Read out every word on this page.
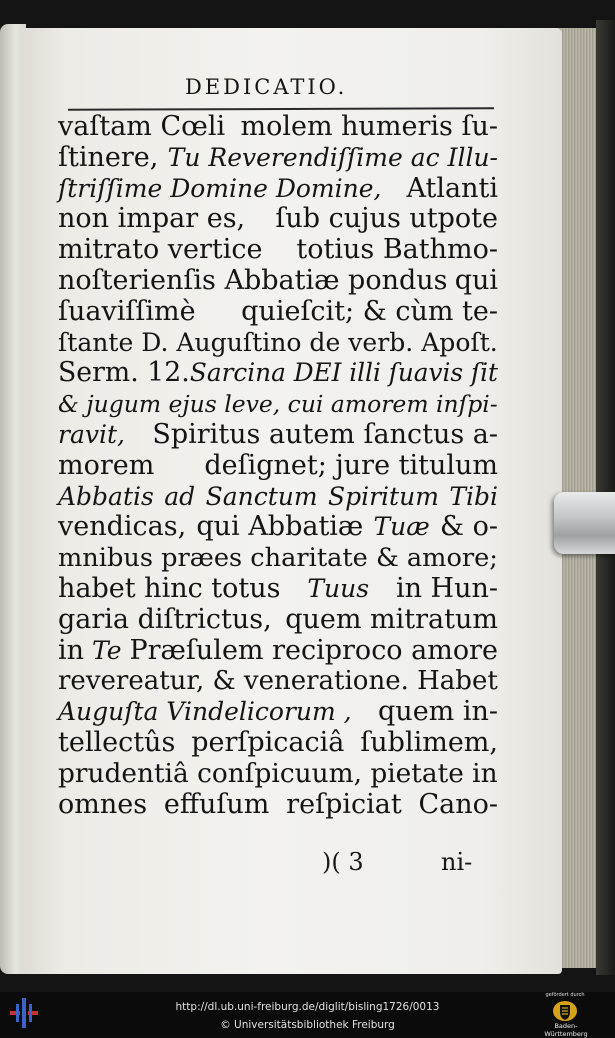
DEDICATIO.
vaſtam Cœli molem humeris ſu-
ſtinere, Tu Reverendiſſime ac Illu-
ſtriſſime Domine Domine, Atlanti
non impar es, ſub cujus utpote
mitrato vertice totius Bathmo-
noſterienſis Abbatiæ pondus qui
ſuaviſſimè quieſcit; & cùm te-
ſtante D. Auguſtino de verb. Apoſt.
Serm. 12. Sarcina DEI illi ſuavis ſit
& jugum ejus leve, cui amorem inſpi-
ravit, Spiritus autem ſanctus a-
morem deſignet; jure titulum
Abbatis ad Sanctum Spiritum Tibi
vendicas, qui Abbatiæ Tuæ & o-
mnibus præes charitate & amore;
habet hinc totus Tuus in Hun-
garia diſtrictus, quem mitratum
in Te Præſulem reciproco amore
revereatur, & veneratione. Habet
Auguſta Vindelicorum , quem in-
tellectûs perſpicaciâ ſublimem,
prudentiâ conſpicuum, pietate in
omnes effuſum reſpiciat Cano-
)( 3	ni-
http://dl.ub.uni-freiburg.de/diglit/bisling1726/0013
© Universitätsbibliothek Freiburg
gefördert durch
Baden-Württemberg
